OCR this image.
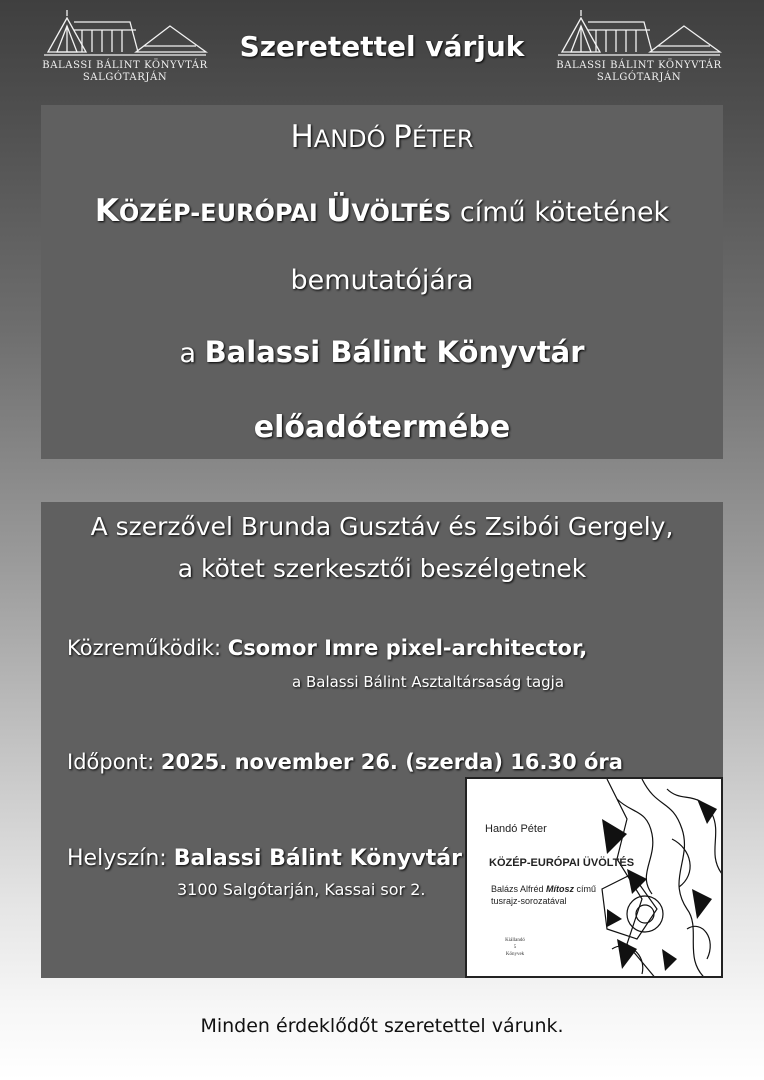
BALASSI BÁLINT KÖNYVTÁR
SALGÓTARJÁN
Szeretettel várjuk
BALASSI BÁLINT KÖNYVTÁR
SALGÓTARJÁN
HANDÓ PÉTER
KÖZÉP-EURÓPAI ÜVÖLTÉS című kötetének
bemutatójára
a Balassi Bálint Könyvtár
előadótermébe
A szerzővel Brunda Gusztáv és Zsibói Gergely,
a kötet szerkesztői beszélgetnek
Közreműködik: Csomor Imre pixel-architector,
a Balassi Bálint Asztaltársaság tagja
Időpont: 2025. november 26. (szerda) 16.30 óra
Helyszín: Balassi Bálint Könyvtár
3100 Salgótarján, Kassai sor 2.
Handó Péter
KÖZÉP-EURÓPAI ÜVÖLTÉS
Balázs Alfréd Mítosz című
tusrajz-sorozatával
Kiállandó
5
Könyvek
Minden érdeklődőt szeretettel várunk.
